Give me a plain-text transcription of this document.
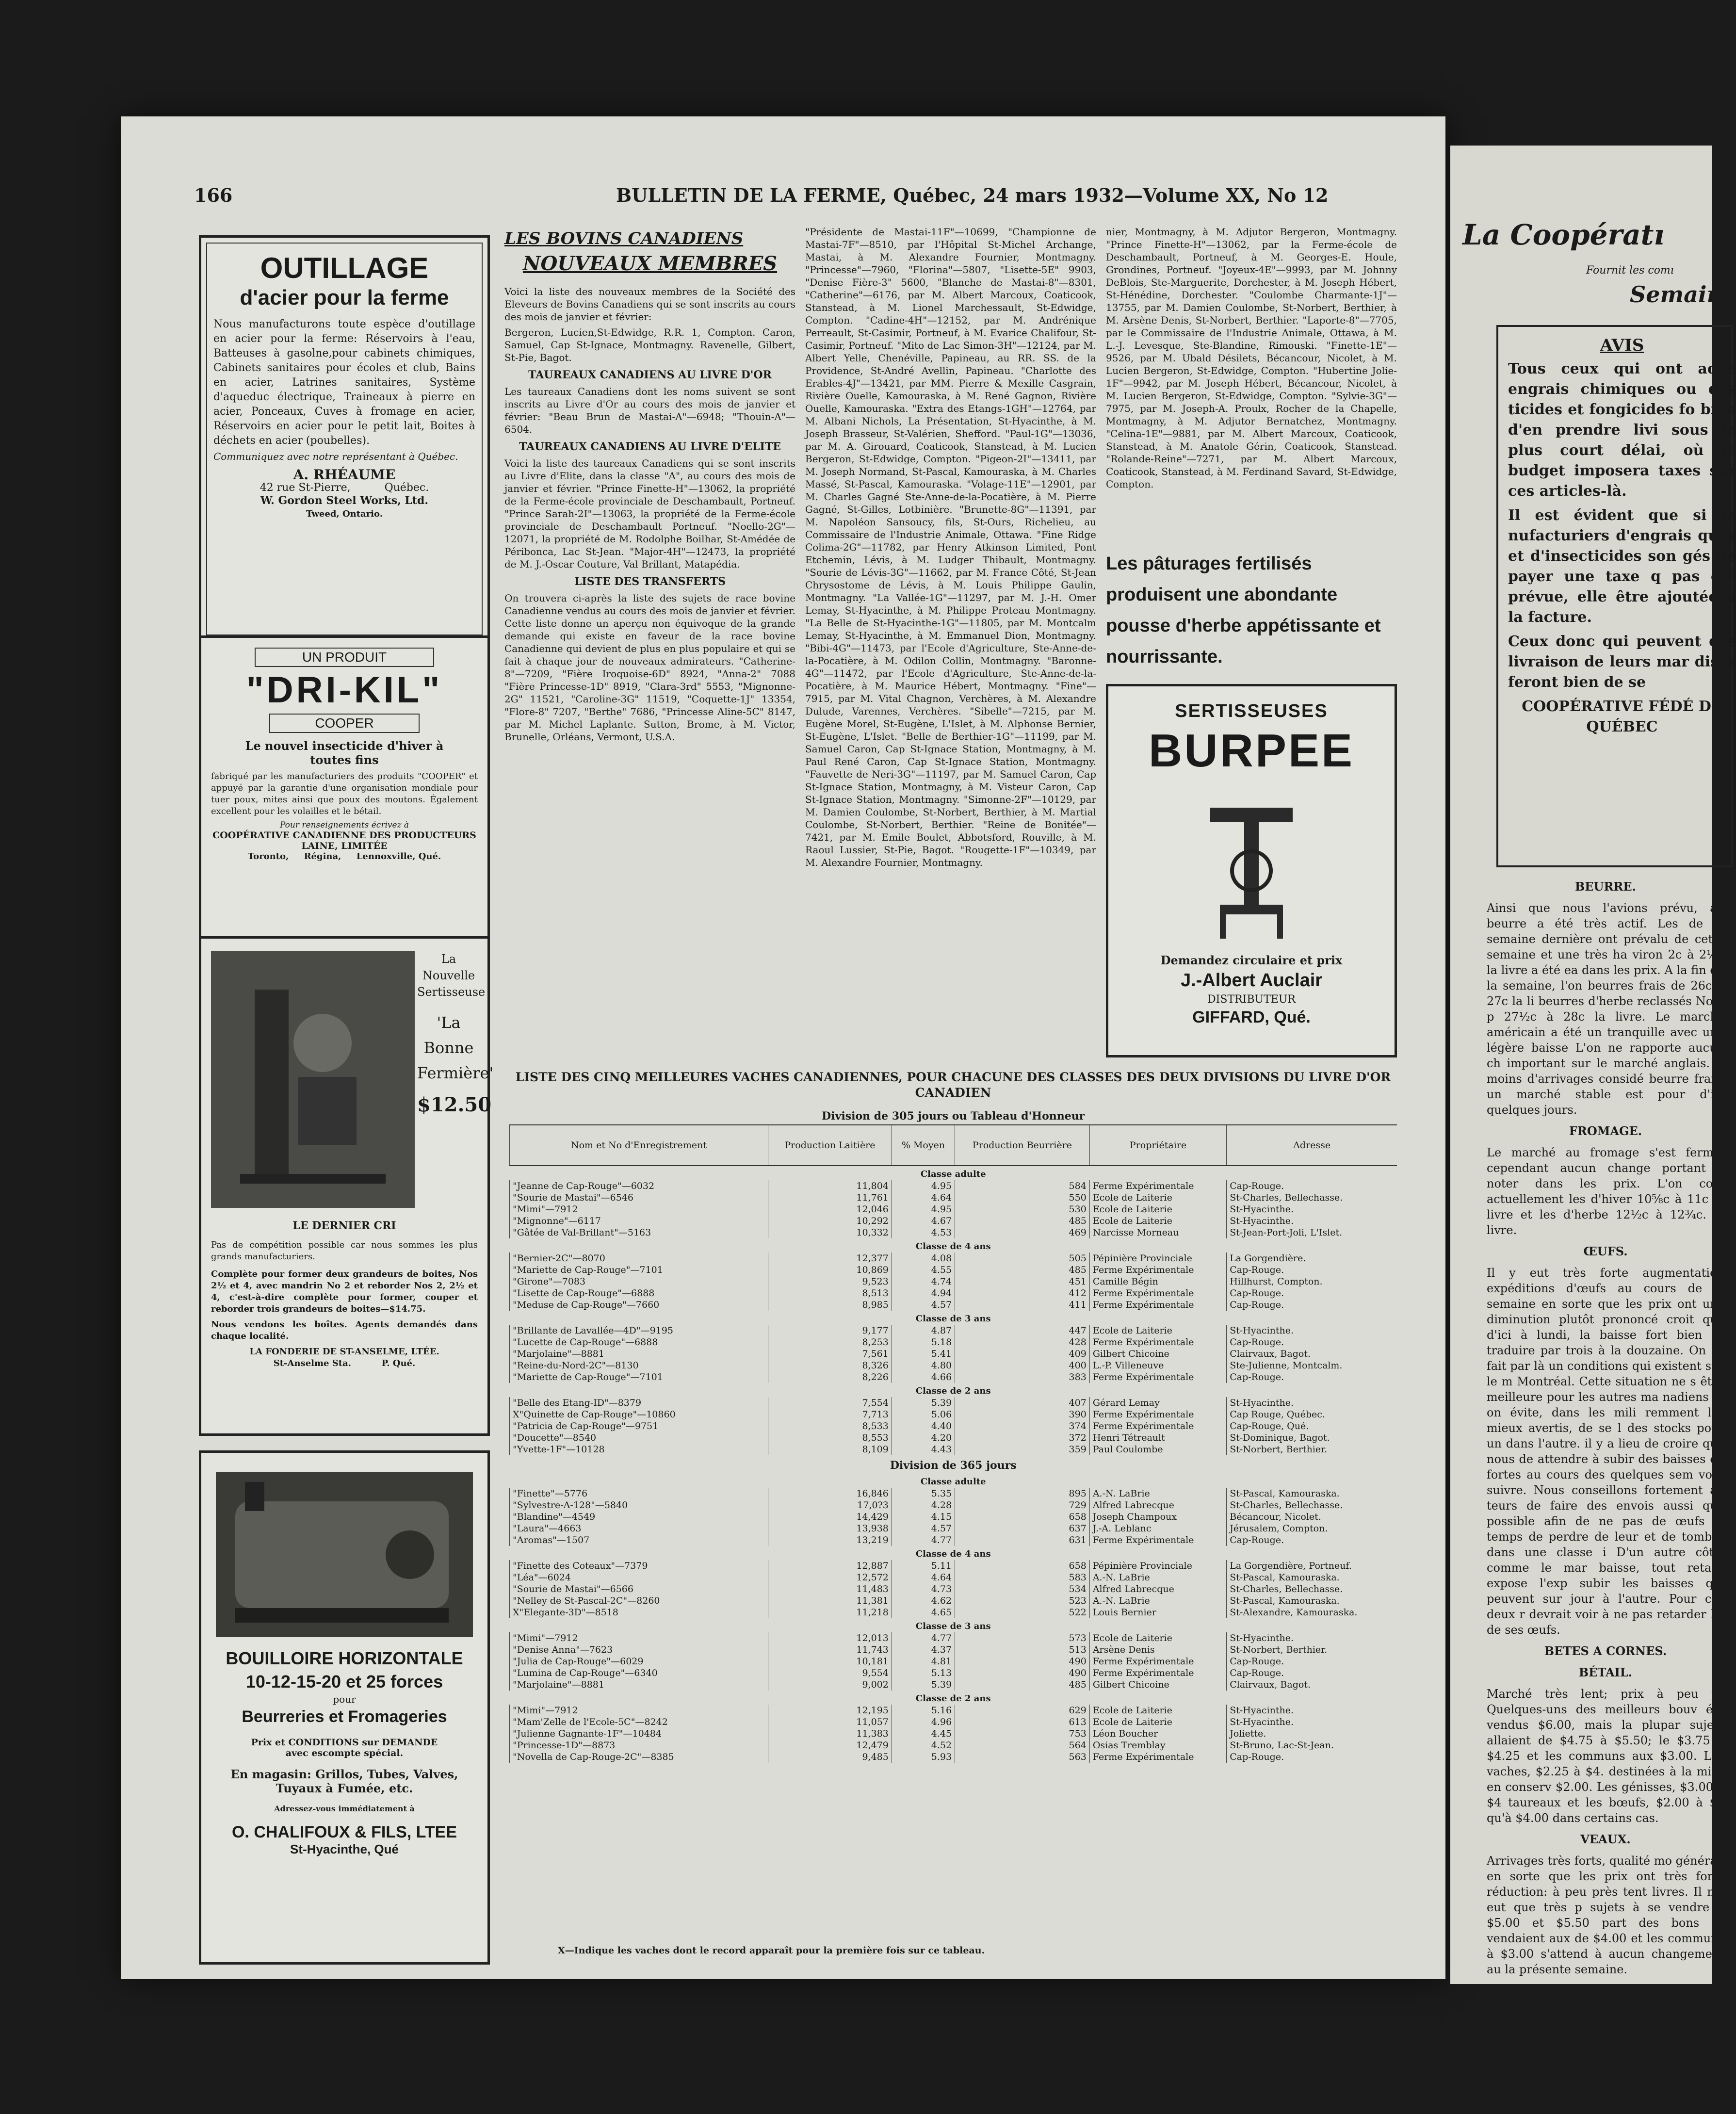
166	BULLETIN DE LA FERME, Québec, 24 mars 1932—Volume XX, No 12
OUTILLAGE
d'acier pour la ferme
Nous manufacturons toute espèce d'outillage en acier pour la ferme: Réservoirs à l'eau, Batteuses à gasolne,pour cabinets chimiques, Cabinets sanitaires pour écoles et club, Bains en acier, Latrines sanitaires, Système d'aqueduc électrique, Traineaux à pierre en acier, Ponceaux, Cuves à fromage en acier, Réservoirs en acier pour le petit lait, Boites à déchets en acier (poubelles).
Communiquez avec notre représentant à Québec.
A. RHÉAUME
42 rue St-Pierre,          Québec.
W. Gordon Steel Works, Ltd.
Tweed, Ontario.
UN PRODUIT
"DRI-KIL"
COOPER
Le nouvel insecticide d'hiver à toutes fins
fabriqué par les manufacturiers des produits "COOPER" et appuyé par la garantie d'une organisation mondiale pour tuer poux, mites ainsi que poux des moutons. Également excellent pour les volailles et le bétail.
Pour renseignements écrivez à
COOPÉRATIVE CANADIENNE DES PRODUCTEURS LAINE, LIMITÉE
Toronto,     Régina,     Lennoxville, Qué.
La Nouvelle Sertisseuse
'La Bonne Fermière'
$12.50
LE DERNIER CRI
Pas de compétition possible car nous sommes les plus grands manufacturiers.
Complète pour former deux grandeurs de boites, Nos 2½ et 4, avec mandrin No 2 et reborder Nos 2, 2½ et 4, c'est-à-dire complète pour former, couper et reborder trois grandeurs de boites—$14.75.
Nous vendons les boîtes. Agents demandés dans chaque localité.
LA FONDERIE DE ST-ANSELME, LTÉE.
St-Anselme Sta.          P. Qué.
BOUILLOIRE HORIZONTALE
10-12-15-20 et 25 forces
pour
Beurreries et Fromageries
Prix et CONDITIONS sur DEMANDE avec escompte spécial.
En magasin: Grillos, Tubes, Valves, Tuyaux à Fumée, etc.
Adressez-vous immédiatement à
O. CHALIFOUX & FILS, LTEE
St-Hyacinthe, Qué
LES BOVINS CANADIENS
NOUVEAUX MEMBRES

Voici la liste des nouveaux membres de la Société des Eleveurs de Bovins Canadiens qui se sont inscrits au cours des mois de janvier et février:

Bergeron, Lucien,St-Edwidge, R.R. 1, Compton. Caron, Samuel, Cap St-Ignace, Montmagny. Ravenelle, Gilbert, St-Pie, Bagot.

TAUREAUX CANADIENS AU LIVRE D'OR

Les taureaux Canadiens dont les noms suivent se sont inscrits au Livre d'Or au cours des mois de janvier et février: "Beau Brun de Mastai-A"—6948; "Thouin-A"—6504.

TAUREAUX CANADIENS AU LIVRE D'ELITE

Voici la liste des taureaux Canadiens qui se sont inscrits au Livre d'Elite, dans la classe "A", au cours des mois de janvier et février. "Prince Finette-H"—13062, la propriété de la Ferme-école provinciale de Deschambault, Portneuf. "Prince Sarah-2I"—13063, la propriété de la Ferme-école provinciale de Deschambault Portneuf. "Noello-2G"—12071, la propriété de M. Rodolphe Boilhar, St-Amédée de Péribonca, Lac St-Jean. "Major-4H"—12473, la propriété de M. J.-Oscar Couture, Val Brillant, Matapédia.

LISTE DES TRANSFERTS

On trouvera ci-après la liste des sujets de race bovine Canadienne vendus au cours des mois de janvier et février. Cette liste donne un aperçu non équivoque de la grande demande qui existe en faveur de la race bovine Canadienne qui devient de plus en plus populaire et qui se fait à chaque jour de nouveaux admirateurs. "Catherine-8"—7209, "Fière Iroquoise-6D" 8924, "Anna-2" 7088 "Fière Princesse-1D" 8919, "Clara-3rd" 5553, "Mignonne-2G" 11521, "Caroline-3G" 11519, "Coquette-1J" 13354, "Flore-8" 7207, "Berthe" 7686, "Princesse Aline-5C" 8147, par M. Michel Laplante. Sutton, Brome, à M. Victor, Brunelle, Orléans, Vermont, U.S.A.

"Présidente de Mastai-11F"—10699, "Championne de Mastai-7F"—8510, par l'Hôpital St-Michel Archange, Mastai, à M. Alexandre Fournier, Montmagny. "Princesse"—7960, "Florina"—5807, "Lisette-5E" 9903, "Denise Fière-3" 5600, "Blanche de Mastai-8"—8301, "Catherine"—6176, par M. Albert Marcoux, Coaticook, Stanstead, à M. Lionel Marchessault, St-Edwidge, Compton. "Cadine-4H"—12152, par M. Andrénique Perreault, St-Casimir, Portneuf, à M. Evarice Chalifour, St-Casimir, Portneuf. "Mito de Lac Simon-3H"—12124, par M. Albert Yelle, Chenéville, Papineau, au RR. SS. de la Providence, St-André Avellin, Papineau. "Charlotte des Erables-4J"—13421, par MM. Pierre & Mexille Casgrain, Rivière Ouelle, Kamouraska, à M. René Gagnon, Rivière Ouelle, Kamouraska. "Extra des Etangs-1GH"—12764, par M. Albani Nichols, La Présentation, St-Hyacinthe, à M. Joseph Brasseur, St-Valérien, Shefford. "Paul-1G"—13036, par M. A. Girouard, Coaticook, Stanstead, à M. Lucien Bergeron, St-Edwidge, Compton. "Pigeon-2I"—13411, par M. Joseph Normand, St-Pascal, Kamouraska, à M. Charles Massé, St-Pascal, Kamouraska. "Volage-11E"—12901, par M. Charles Gagné Ste-Anne-de-la-Pocatière, à M. Pierre Gagné, St-Gilles, Lotbinière. "Brunette-8G"—11391, par M. Napoléon Sansoucy, fils, St-Ours, Richelieu, au Commissaire de l'Industrie Animale, Ottawa. "Fine Ridge Colima-2G"—11782, par Henry Atkinson Limited, Pont Etchemin, Lévis, à M. Ludger Thibault, Montmagny. "Sourie de Lévis-3G"—11662, par M. France Côté, St-Jean Chrysostome de Lévis, à M. Louis Philippe Gaulin, Montmagny. "La Vallée-1G"—11297, par M. J.-H. Omer Lemay, St-Hyacinthe, à M. Philippe Proteau Montmagny. "La Belle de St-Hyacinthe-1G"—11805, par M. Montcalm Lemay, St-Hyacinthe, à M. Emmanuel Dion, Montmagny. "Bibi-4G"—11473, par l'Ecole d'Agriculture, Ste-Anne-de-la-Pocatière, à M. Odilon Collin, Montmagny. "Baronne-4G"—11472, par l'Ecole d'Agriculture, Ste-Anne-de-la-Pocatière, à M. Maurice Hébert, Montmagny. "Fine"—7915, par M. Vital Chagnon, Verchères, à M. Alexandre Dulude, Varennes, Verchères. "Sibelle"—7215, par M. Eugène Morel, St-Eugène, L'Islet, à M. Alphonse Bernier, St-Eugène, L'Islet. "Belle de Berthier-1G"—11199, par M. Samuel Caron, Cap St-Ignace Station, Montmagny, à M. Paul René Caron, Cap St-Ignace Station, Montmagny. "Fauvette de Neri-3G"—11197, par M. Samuel Caron, Cap St-Ignace Station, Montmagny, à M. Visteur Caron, Cap St-Ignace Station, Montmagny. "Simonne-2F"—10129, par M. Damien Coulombe, St-Norbert, Berthier, à M. Martial Coulombe, St-Norbert, Berthier. "Reine de Bonitée"—7421, par M. Emile Boulet, Abbotsford, Rouville, à M. Raoul Lussier, St-Pie, Bagot. "Rougette-1F"—10349, par M. Alexandre Fournier, Montmagny.

nier, Montmagny, à M. Adjutor Bergeron, Montmagny. "Prince Finette-H"—13062, par la Ferme-école de Deschambault, Portneuf, à M. Georges-E. Houle, Grondines, Portneuf. "Joyeux-4E"—9993, par M. Johnny DeBlois, Ste-Marguerite, Dorchester, à M. Joseph Hébert, St-Hénédine, Dorchester. "Coulombe Charmante-1J"—13755, par M. Damien Coulombe, St-Norbert, Berthier, à M. Arsène Denis, St-Norbert, Berthier. "Laporte-8"—7705, par le Commissaire de l'Industrie Animale, Ottawa, à M. L.-J. Levesque, Ste-Blandine, Rimouski. "Finette-1E"—9526, par M. Ubald Désilets, Bécancour, Nicolet, à M. Lucien Bergeron, St-Edwidge, Compton. "Hubertine Jolie-1F"—9942, par M. Joseph Hébert, Bécancour, Nicolet, à M. Lucien Bergeron, St-Edwidge, Compton. "Sylvie-3G"—7975, par M. Joseph-A. Proulx, Rocher de la Chapelle, Montmagny, à M. Adjutor Bernatchez, Montmagny. "Celina-1E"—9881, par M. Albert Marcoux, Coaticook, Stanstead, à M. Anatole Gérin, Coaticook, Stanstead. "Rolande-Reine"—7271, par M. Albert Marcoux, Coaticook, Stanstead, à M. Ferdinand Savard, St-Edwidge, Compton.

Les pâturages fertilisés produisent une abondante pousse d'herbe appétissante et nourrissante.
SERTISSEUSES
BURPEE
Demandez circulaire et prix
J.-Albert Auclair
DISTRIBUTEUR
GIFFARD, Qué.
LISTE DES CINQ MEILLEURES VACHES CANADIENNES, POUR CHACUNE DES CLASSES DES DEUX DIVISIONS DU LIVRE D'OR CANADIEN
Division de 305 jours ou Tableau d'Honneur					
Nom et No d'Enregistrement	Production Laitière	% Moyen	Production Beurrière	Propriétaire	Adresse
Classe adulte					
"Jeanne de Cap-Rouge"—6032	11,804	4.95	584	Ferme Expérimentale	Cap-Rouge.
"Sourie de Mastai"—6546	11,761	4.64	550	Ecole de Laiterie	St-Charles, Bellechasse.
"Mimi"—7912	12,046	4.95	530	Ecole de Laiterie	St-Hyacinthe.
"Mignonne"—6117	10,292	4.67	485	Ecole de Laiterie	St-Hyacinthe.
"Gâtée de Val-Brillant"—5163	10,332	4.53	469	Narcisse Morneau	St-Jean-Port-Joli, L'Islet.
Classe de 4 ans					
"Bernier-2C"—8070	12,377	4.08	505	Pépinière Provinciale	La Gorgendière.
"Mariette de Cap-Rouge"—7101	10,869	4.55	485	Ferme Expérimentale	Cap-Rouge.
"Girone"—7083	9,523	4.74	451	Camille Bégin	Hillhurst, Compton.
"Lisette de Cap-Rouge"—6888	8,513	4.94	412	Ferme Expérimentale	Cap-Rouge.
"Meduse de Cap-Rouge"—7660	8,985	4.57	411	Ferme Expérimentale	Cap-Rouge.
Classe de 3 ans					
"Brillante de Lavallée—4D"—9195	9,177	4.87	447	Ecole de Laiterie	St-Hyacinthe.
"Lucette de Cap-Rouge"—6888	8,253	5.18	428	Ferme Expérimentale	Cap-Rouge.
"Marjolaine"—8881	7,561	5.41	409	Gilbert Chicoine	Clairvaux, Bagot.
"Reine-du-Nord-2C"—8130	8,326	4.80	400	L.-P. Villeneuve	Ste-Julienne, Montcalm.
"Mariette de Cap-Rouge"—7101	8,226	4.66	383	Ferme Expérimentale	Cap-Rouge.
Classe de 2 ans					
"Belle des Etang-ID"—8379	7,554	5.39	407	Gérard Lemay	St-Hyacinthe.
X"Quinette de Cap-Rouge"—10860	7,713	5.06	390	Ferme Expérimentale	Cap Rouge, Québec.
"Patricia de Cap-Rouge"—9751	8,533	4.40	374	Ferme Expérimentale	Cap-Rouge, Qué.
"Doucette"—8540	8,553	4.20	372	Henri Tétreault	St-Dominique, Bagot.
"Yvette-1F"—10128	8,109	4.43	359	Paul Coulombe	St-Norbert, Berthier.
Division de 365 jours					
Classe adulte					
"Finette"—5776	16,846	5.35	895	A.-N. LaBrie	St-Pascal, Kamouraska.
"Sylvestre-A-128"—5840	17,0?3	4.28	729	Alfred Labrecque	St-Charles, Bellechasse.
"Blandine"—4549	14,429	4.15	658	Joseph Champoux	Bécancour, Nicolet.
"Laura"—4663	13,938	4.57	637	J.-A. Leblanc	Jérusalem, Compton.
"Aromas"—1507	13,219	4.77	631	Ferme Expérimentale	Cap-Rouge.
Classe de 4 ans					
"Finette des Coteaux"—7379	12,887	5.11	658	Pépinière Provinciale	La Gorgendière, Portneuf.
"Léa"—6024	12,572	4.64	583	A.-N. LaBrie	St-Pascal, Kamouraska.
"Sourie de Mastai"—6566	11,483	4.73	534	Alfred Labrecque	St-Charles, Bellechasse.
"Nelley de St-Pascal-2C"—8260	11,381	4.62	523	A.-N. LaBrie	St-Pascal, Kamouraska.
X"Elegante-3D"—8518	11,218	4.65	522	Louis Bernier	St-Alexandre, Kamouraska.
Classe de 3 ans					
"Mimi"—7912	12,013	4.77	573	Ecole de Laiterie	St-Hyacinthe.
"Denise Anna"—7623	11,743	4.37	513	Arsène Denis	St-Norbert, Berthier.
"Julia de Cap-Rouge"—6029	10,181	4.81	490	Ferme Expérimentale	Cap-Rouge.
"Lumina de Cap-Rouge"—6340	9,554	5.13	490	Ferme Expérimentale	Cap-Rouge.
"Marjolaine"—8881	9,002	5.39	485	Gilbert Chicoine	Clairvaux, Bagot.
Classe de 2 ans					
"Mimi"—7912	12,195	5.16	629	Ecole de Laiterie	St-Hyacinthe.
"Mam'Zelle de l'Ecole-5C"—8242	11,057	4.96	613	Ecole de Laiterie	St-Hyacinthe.
"Julienne Gagnante-1F"—10484	11,383	4.45	753	Léon Boucher	Joliette.
"Princesse-1D"—8873	12,479	4.52	564	Osias Tremblay	St-Bruno, Lac-St-Jean.
"Novella de Cap-Rouge-2C"—8385	9,485	5.93	563	Ferme Expérimentale	Cap-Rouge.
X—Indique les vaches dont le record apparaît pour la première fois sur ce tableau.
La Coopératı
Fournit les comı
Semain
AVIS

Tous ceux qui ont ache engrais chimiques ou des ticides et fongicides fo bien d'en prendre livi sous le plus court délai, où le budget imposera taxes sur ces articles-là.

Il est évident que si le nufacturiers d'engrais ques et d'insecticides son gés de payer une taxe q pas été prévue, elle être ajoutée à la facture.

Ceux donc qui peuvent dre livraison de leurs mar dises feront bien de se

COOPÉRATIVE FÉDÉ DE QUÉBEC
BEURRE.

Ainsi que nous l'avions prévu, au beurre a été très actif. Les de la semaine dernière ont prévalu de cette semaine et une très ha viron 2c à 2½c la livre a été ea dans les prix. A la fin de la semaine, l'on beurres frais de 26c à 27c la li beurres d'herbe reclassés No 1 p 27½c à 28c la livre. Le marché américain a été un tranquille avec une légère baisse L'on ne rapporte aucun ch important sur le marché anglais. A moins d'arrivages considé beurre frais, un marché stable est pour d'ici quelques jours.

FROMAGE.

Le marché au fromage s'est ferme; cependant aucun change portant à noter dans les prix. L'on cote actuellement les d'hiver 10⅝c à 11c la livre et les d'herbe 12½c à 12¾c. la livre.

ŒUFS.

Il y eut très forte augmentation expéditions d'œufs au cours de la semaine en sorte que les prix ont une diminution plutôt prononcé croit que d'ici à lundi, la baisse fort bien se traduire par trois à la douzaine. On se fait par là un conditions qui existent sur le m Montréal. Cette situation ne s être meilleure pour les autres ma nadiens et on évite, dans les mili remment les mieux avertis, de se l des stocks pour un dans l'autre. il y a lieu de croire que nous de attendre à subir des baisses en fortes au cours des quelques sem vont suivre. Nous conseillons fortement au teurs de faire des envois aussi que possible afin de ne pas de œufs le temps de perdre de leur et de tomber dans une classe i D'un autre côté, comme le mar baisse, tout retard expose l'exp subir les baisses qui peuvent sur jour à l'autre. Pour ces deux r devrait voir à ne pas retarder l'e de ses œufs.

BETES A CORNES.
BÉTAIL.

Marché très lent; prix à peu pr Quelques-uns des meilleurs bouv été vendus $6.00, mais la plupar sujets allaient de $4.75 à $5.50; le $3.75 à $4.25 et les communs aux $3.00. Les vaches, $2.25 à $4. destinées à la mise en conserv $2.00. Les génisses, $3.00 à $4 taureaux et les bœufs, $2.00 à $3 qu'à $4.00 dans certains cas.

VEAUX.

Arrivages très forts, qualité mo général, en sorte que les prix ont très forte réduction: à peu près tent livres. Il n'y eut que très p sujets à se vendre à $5.00 et $5.50 part des bons se vendaient aux de $4.00 et les communs à $3.00 s'attend à aucun changement au la présente semaine.
